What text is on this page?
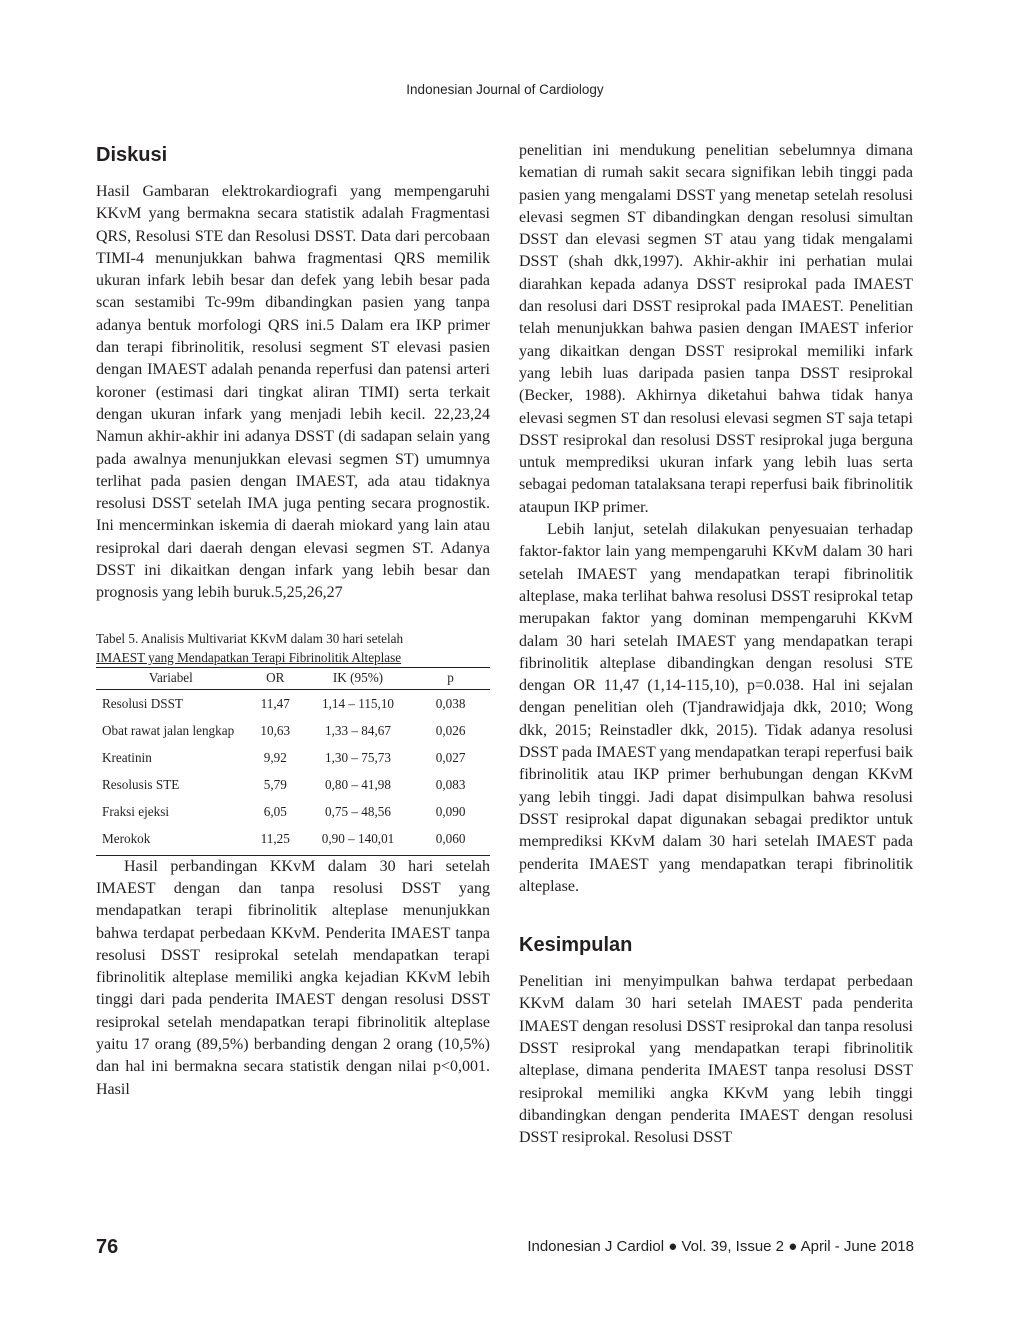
Indonesian Journal of Cardiology
Diskusi

Hasil Gambaran elektrokardiografi yang mempengaruhi KKvM yang bermakna secara statistik adalah Fragmentasi QRS, Resolusi STE dan Resolusi DSST. Data dari percobaan TIMI-4 menunjukkan bahwa fragmentasi QRS memilik ukuran infark lebih besar dan defek yang lebih besar pada scan sestamibi Tc-99m dibandingkan pasien yang tanpa adanya bentuk morfologi QRS ini.5 Dalam era IKP primer dan terapi fibrinolitik, resolusi segment ST elevasi pasien dengan IMAEST adalah penanda reperfusi dan patensi arteri koroner (estimasi dari tingkat aliran TIMI) serta terkait dengan ukuran infark yang menjadi lebih kecil. 22,23,24 Namun akhir-akhir ini adanya DSST (di sadapan selain yang pada awalnya menunjukkan elevasi segmen ST) umumnya terlihat pada pasien dengan IMAEST, ada atau tidaknya resolusi DSST setelah IMA juga penting secara prognostik. Ini mencerminkan iskemia di daerah miokard yang lain atau resiprokal dari daerah dengan elevasi segmen ST. Adanya DSST ini dikaitkan dengan infark yang lebih besar dan prognosis yang lebih buruk.5,25,26,27

Tabel 5. Analisis Multivariat KKvM dalam 30 hari setelah
IMAEST yang Mendapatkan Terapi Fibrinolitik Alteplase
Variabel	OR	IK (95%)	p
Resolusi DSST	11,47	1,14 – 115,10	0,038
Obat rawat jalan lengkap	10,63	1,33 – 84,67	0,026
Kreatinin	9,92	1,30 – 75,73	0,027
Resolusis STE	5,79	0,80 – 41,98	0,083
Fraksi ejeksi	6,05	0,75 – 48,56	0,090
Merokok	11,25	0,90 – 140,01	0,060

Hasil perbandingan KKvM dalam 30 hari setelah IMAEST dengan dan tanpa resolusi DSST yang mendapatkan terapi fibrinolitik alteplase menunjukkan bahwa terdapat perbedaan KKvM. Penderita IMAEST tanpa resolusi DSST resiprokal setelah mendapatkan terapi fibrinolitik alteplase memiliki angka kejadian KKvM lebih tinggi dari pada penderita IMAEST dengan resolusi DSST resiprokal setelah mendapatkan terapi fibrinolitik alteplase yaitu 17 orang (89,5%) berbanding dengan 2 orang (10,5%) dan hal ini bermakna secara statistik dengan nilai p<0,001. Hasil

penelitian ini mendukung penelitian sebelumnya dimana kematian di rumah sakit secara signifikan lebih tinggi pada pasien yang mengalami DSST yang menetap setelah resolusi elevasi segmen ST dibandingkan dengan resolusi simultan DSST dan elevasi segmen ST atau yang tidak mengalami DSST (shah dkk,1997). Akhir-akhir ini perhatian mulai diarahkan kepada adanya DSST resiprokal pada IMAEST dan resolusi dari DSST resiprokal pada IMAEST. Penelitian telah menunjukkan bahwa pasien dengan IMAEST inferior yang dikaitkan dengan DSST resiprokal memiliki infark yang lebih luas daripada pasien tanpa DSST resiprokal (Becker, 1988). Akhirnya diketahui bahwa tidak hanya elevasi segmen ST dan resolusi elevasi segmen ST saja tetapi DSST resiprokal dan resolusi DSST resiprokal juga berguna untuk memprediksi ukuran infark yang lebih luas serta sebagai pedoman tatalaksana terapi reperfusi baik fibrinolitik ataupun IKP primer.

Lebih lanjut, setelah dilakukan penyesuaian terhadap faktor-faktor lain yang mempengaruhi KKvM dalam 30 hari setelah IMAEST yang mendapatkan terapi fibrinolitik alteplase, maka terlihat bahwa resolusi DSST resiprokal tetap merupakan faktor yang dominan mempengaruhi KKvM dalam 30 hari setelah IMAEST yang mendapatkan terapi fibrinolitik alteplase dibandingkan dengan resolusi STE dengan OR 11,47 (1,14-115,10), p=0.038. Hal ini sejalan dengan penelitian oleh (Tjandrawidjaja dkk, 2010; Wong dkk, 2015; Reinstadler dkk, 2015). Tidak adanya resolusi DSST pada IMAEST yang mendapatkan terapi reperfusi baik fibrinolitik atau IKP primer berhubungan dengan KKvM yang lebih tinggi. Jadi dapat disimpulkan bahwa resolusi DSST resiprokal dapat digunakan sebagai prediktor untuk memprediksi KKvM dalam 30 hari setelah IMAEST pada penderita IMAEST yang mendapatkan terapi fibrinolitik alteplase.

Kesimpulan

Penelitian ini menyimpulkan bahwa terdapat perbedaan KKvM dalam 30 hari setelah IMAEST pada penderita IMAEST dengan resolusi DSST resiprokal dan tanpa resolusi DSST resiprokal yang mendapatkan terapi fibrinolitik alteplase, dimana penderita IMAEST tanpa resolusi DSST resiprokal memiliki angka KKvM yang lebih tinggi dibandingkan dengan penderita IMAEST dengan resolusi DSST resiprokal. Resolusi DSST

76	Indonesian J Cardiol ● Vol. 39, Issue 2 ● April - June 2018
